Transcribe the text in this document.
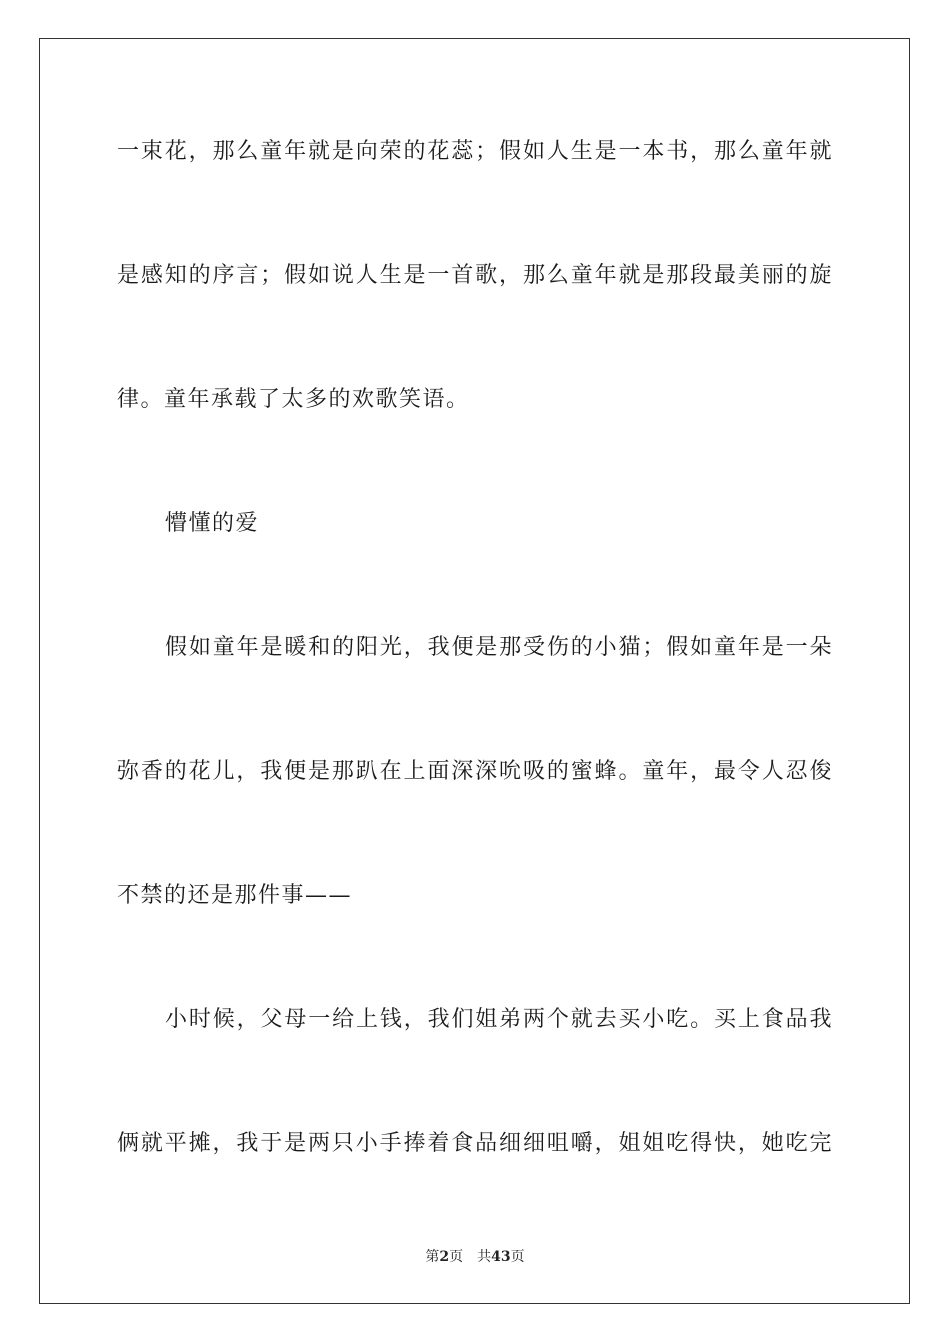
一束花，那么童年就是向荣的花蕊；假如人生是一本书，那么童年就
是感知的序言；假如说人生是一首歌，那么童年就是那段最美丽的旋
律。童年承载了太多的欢歌笑语。
懵懂的爱
假如童年是暖和的阳光，我便是那受伤的小猫；假如童年是一朵
弥香的花儿，我便是那趴在上面深深吮吸的蜜蜂。童年，最令人忍俊
不禁的还是那件事——
小时候，父母一给上钱，我们姐弟两个就去买小吃。买上食品我
俩就平摊，我于是两只小手捧着食品细细咀嚼，姐姐吃得快，她吃完
第2页 共43页
